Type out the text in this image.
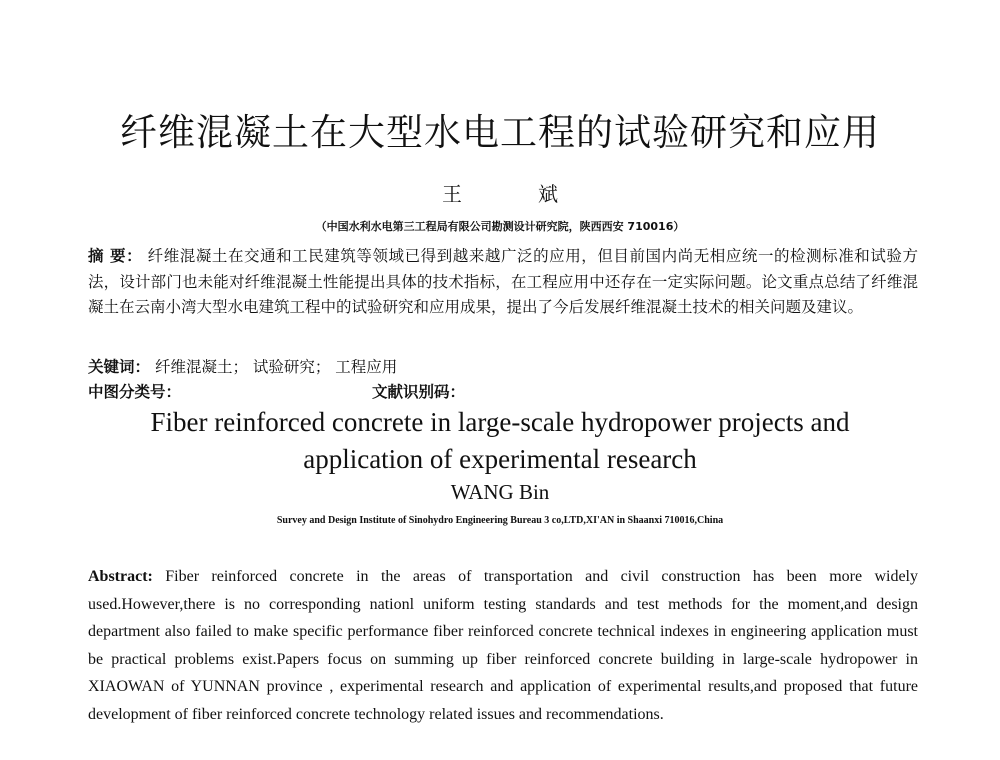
纤维混凝土在大型水电工程的试验研究和应用
王	斌
（中国水利水电第三工程局有限公司勘测设计研究院，陕西西安 710016）
摘 要： 纤维混凝土在交通和工民建筑等领域已得到越来越广泛的应用，但目前国内尚无相应统一的检测标准和试验方法，设计部门也未能对纤维混凝土性能提出具体的技术指标，在工程应用中还存在一定实际问题。论文重点总结了纤维混凝土在云南小湾大型水电建筑工程中的试验研究和应用成果，提出了今后发展纤维混凝土技术的相关问题及建议。
关键词： 纤维混凝土； 试验研究； 工程应用
中图分类号：	文献识别码：
Fiber reinforced concrete in large-scale hydropower projects and application of experimental research
WANG Bin
Survey and Design Institute of Sinohydro Engineering Bureau 3 co,LTD,XI'AN in Shaanxi 710016,China
Abstract: Fiber reinforced concrete in the areas of transportation and civil construction has been more widely used.However,there is no corresponding nationl uniform testing standards and test methods for the moment,and design department also failed to make specific performance fiber reinforced concrete technical indexes in engineering application must be practical problems exist.Papers focus on summing up fiber reinforced concrete building in large-scale hydropower in XIAOWAN of YUNNAN province , experimental research and application of experimental results,and proposed that future development of fiber reinforced concrete technology related issues and recommendations.
